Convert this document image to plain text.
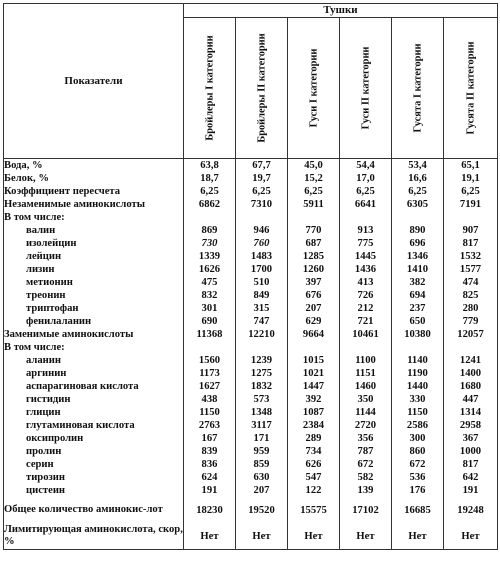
Показатели	Тушки					

	Бройлеры I категории	Бройлеры II категории	Гуси I категории	Гуси II категории	Гусята I категории	Гусята II категории

Вода, %	63,8	67,7	45,0	54,4	53,4	65,1
Белок, %	18,7	19,7	15,2	17,0	16,6	19,1
Коэффициент пересчета	6,25	6,25	6,25	6,25	6,25	6,25
Незаменимые аминокислоты	6862	7310	5911	6641	6305	7191
В том числе:						
валин	869	946	770	913	890	907
изолейцин	730	760	687	775	696	817
лейцин	1339	1483	1285	1445	1346	1532
лизин	1626	1700	1260	1436	1410	1577
метионин	475	510	397	413	382	474
треонин	832	849	676	726	694	825
триптофан	301	315	207	212	237	280
фенилаланин	690	747	629	721	650	779
Заменимые аминокислоты	11368	12210	9664	10461	10380	12057
В том числе:						
аланин	1560	1239	1015	1100	1140	1241
аргинин	1173	1275	1021	1151	1190	1400
аспарагиновая кислота	1627	1832	1447	1460	1440	1680
гистидин	438	573	392	350	330	447
глицин	1150	1348	1087	1144	1150	1314
глутаминовая кислота	2763	3117	2384	2720	2586	2958
оксипролин	167	171	289	356	300	367
пролин	839	959	734	787	860	1000
серин	836	859	626	672	672	817
тирозин	624	630	547	582	536	642
цистеин	191	207	122	139	176	191
Общее количество аминокис-лот	18230	19520	15575	17102	16685	19248
Лимитирующая аминокислота, скор, %	Нет	Нет	Нет	Нет	Нет	Нет
